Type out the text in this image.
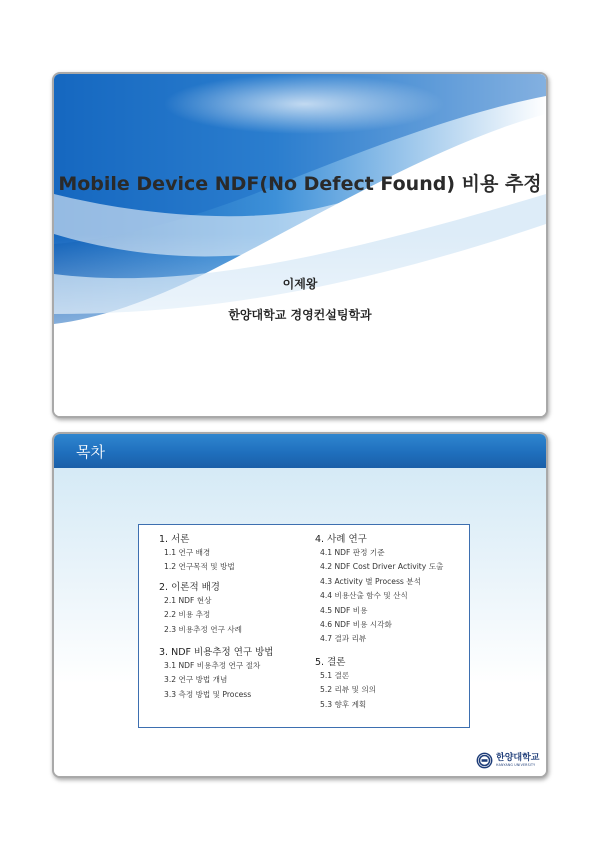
Mobile Device NDF(No Defect Found) 비용 추정
이제왕
한양대학교 경영컨설팅학과
목차
1. 서론
1.1 연구 배경
1.2 연구목적 및 방법
2. 이론적 배경
2.1 NDF 현상
2.2 비용 추정
2.3 비용추정 연구 사례
3. NDF 비용추정 연구 방법
3.1 NDF 비용추정 연구 절차
3.2 연구 방법 개념
3.3 측정 방법 및 Process
4. 사례 연구
4.1 NDF 판정 기준
4.2 NDF Cost Driver Activity 도출
4.3 Activity 별 Process 분석
4.4 비용산출 함수 및 산식
4.5 NDF 비용
4.6 NDF 비용 시각화
4.7 결과 리뷰
5. 결론
5.1 결론
5.2 리뷰 및 의의
5.3 향후 계획
한양대학교
HANYANG UNIVERSITY
